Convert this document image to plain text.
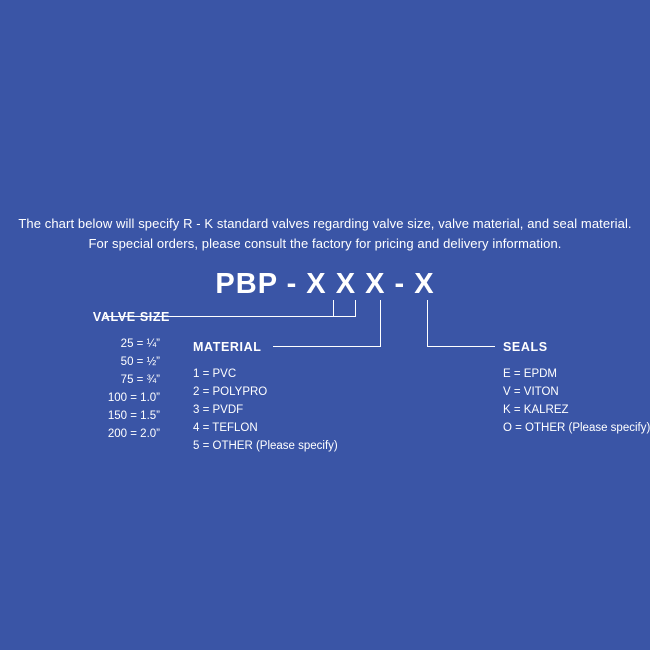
The chart below will specify R - K standard valves regarding valve size, valve material, and seal material.
For special orders, please consult the factory for pricing and delivery information.
PBP - X X X - X
VALVE SIZE
25 = ¼”
50 = ½”
75 = ¾”
100 = 1.0”
150 = 1.5”
200 = 2.0”
MATERIAL
1 = PVC
2 = POLYPRO
3 = PVDF
4 = TEFLON
5 = OTHER (Please specify)
SEALS
E = EPDM
V = VITON
K = KALREZ
O = OTHER (Please specify)
